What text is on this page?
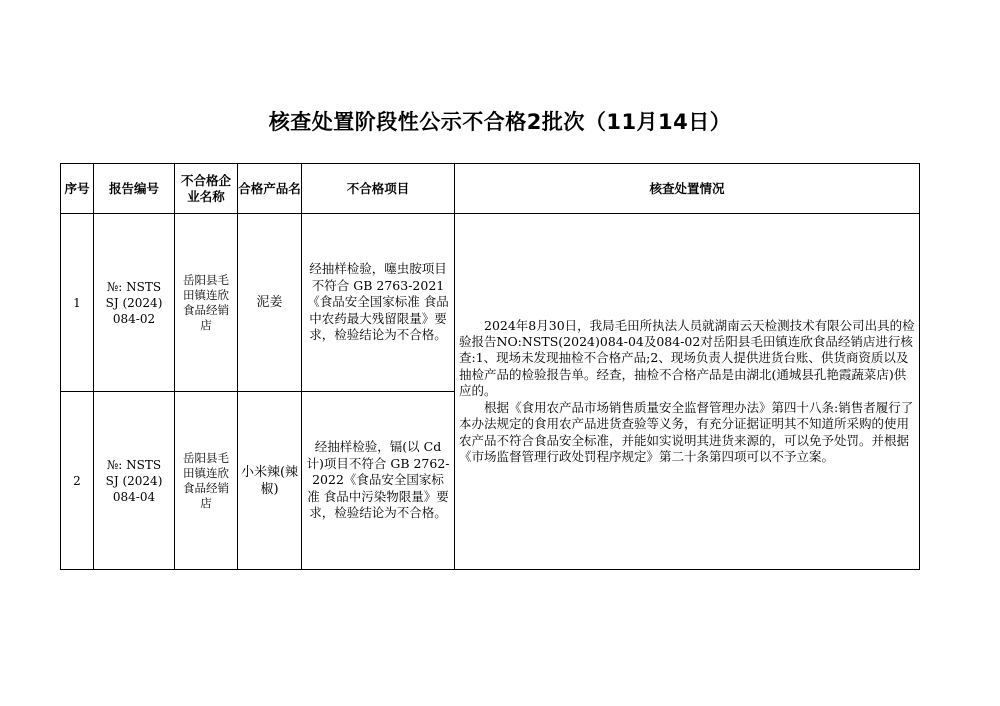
核查处置阶段性公示不合格2批次（11月14日）
序号	报告编号	不合格企业名称	合格产品名	不合格项目	核查处置情况
1	№: NSTS SJ (2024) 084-02	岳阳县毛田镇连欣食品经销店	泥姜	经抽样检验，噻虫胺项目不符合 GB 2763-2021《食品安全国家标准 食品中农药最大残留限量》要求，检验结论为不合格。	2024年8月30日，我局毛田所执法人员就湖南云天检测技术有限公司出具的检验报告NO:NSTS(2024)084-04及084-02对岳阳县毛田镇连欣食品经销店进行核查:1、现场未发现抽检不合格产品;2、现场负责人提供进货台账、供货商资质以及抽检产品的检验报告单。经查，抽检不合格产品是由湖北(通城县孔艳霞蔬菜店)供应的。

根据《食用农产品市场销售质量安全监督管理办法》第四十八条:销售者履行了本办法规定的食用农产品进货查验等义务，有充分证据证明其不知道所采购的使用农产品不符合食品安全标准，并能如实说明其进货来源的，可以免予处罚。并根据《市场监督管理行政处罚程序规定》第二十条第四项可以不予立案。

2	№: NSTS SJ (2024) 084-04	岳阳县毛田镇连欣食品经销店	小米辣(辣椒)	经抽样检验，镉(以 Cd 计)项目不符合 GB 2762-2022《食品安全国家标准 食品中污染物限量》要求，检验结论为不合格。	
